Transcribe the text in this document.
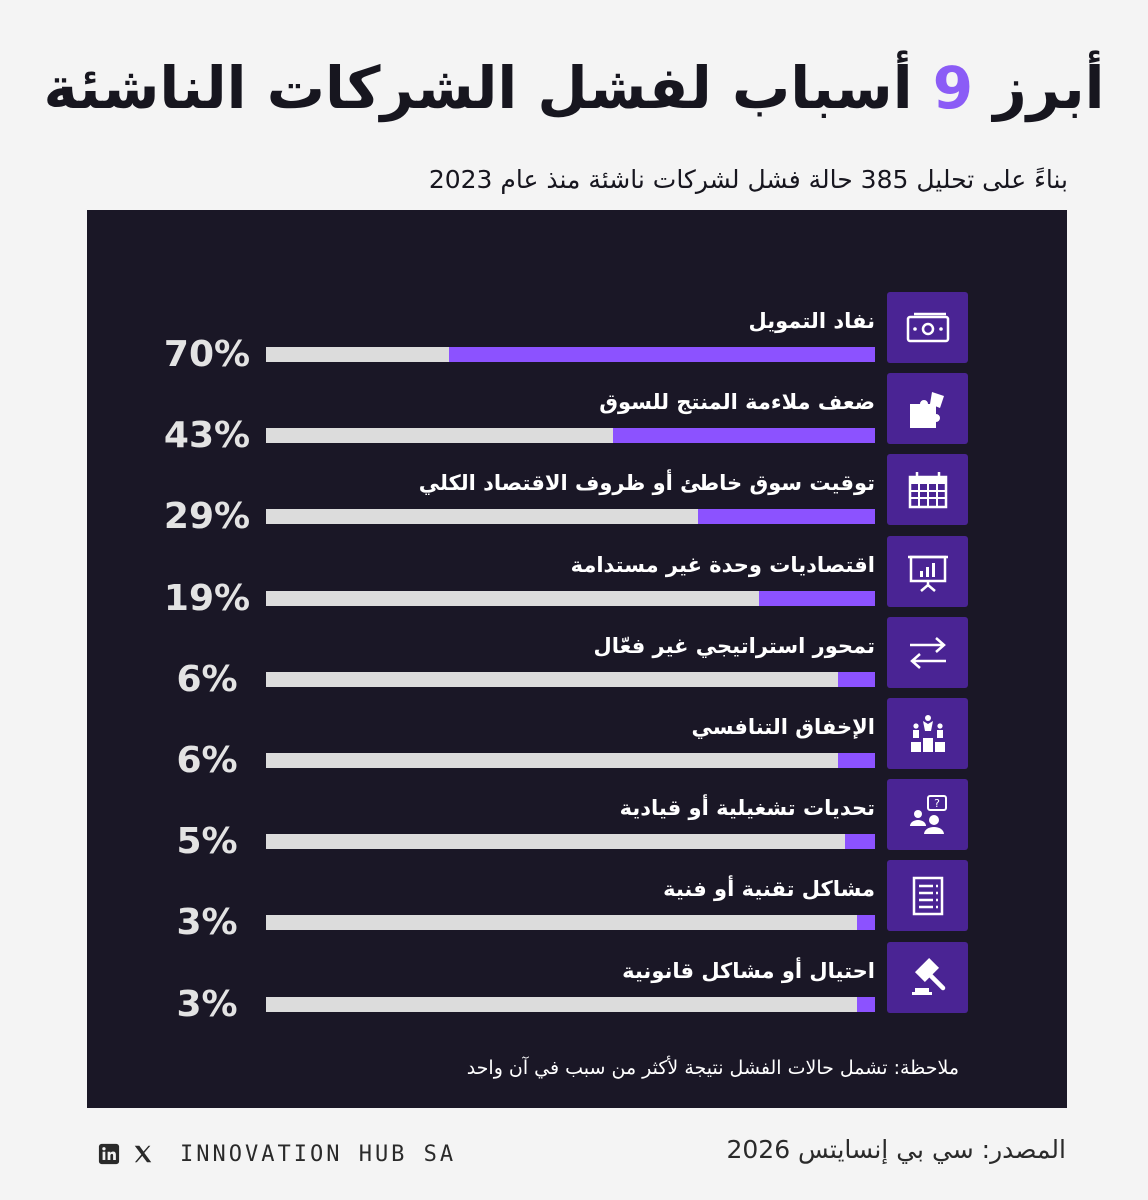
أبرز 9 أسباب لفشل الشركات الناشئة
بناءً على تحليل 385 حالة فشل لشركات ناشئة منذ عام 2023
ملاحظة: تشمل حالات الفشل نتيجة لأكثر من سبب في آن واحد
نفاد التمويل
70%
ضعف ملاءمة المنتج للسوق
43%
توقيت سوق خاطئ أو ظروف الاقتصاد الكلي
29%
اقتصاديات وحدة غير مستدامة
19%
تمحور استراتيجي غير فعّال
6%
الإخفاق التنافسي
6%
?
تحديات تشغيلية أو قيادية
5%
مشاكل تقنية أو فنية
3%
احتيال أو مشاكل قانونية
3%
المصدر: سي بي إنسايتس 2026
INNOVATION HUB SA
